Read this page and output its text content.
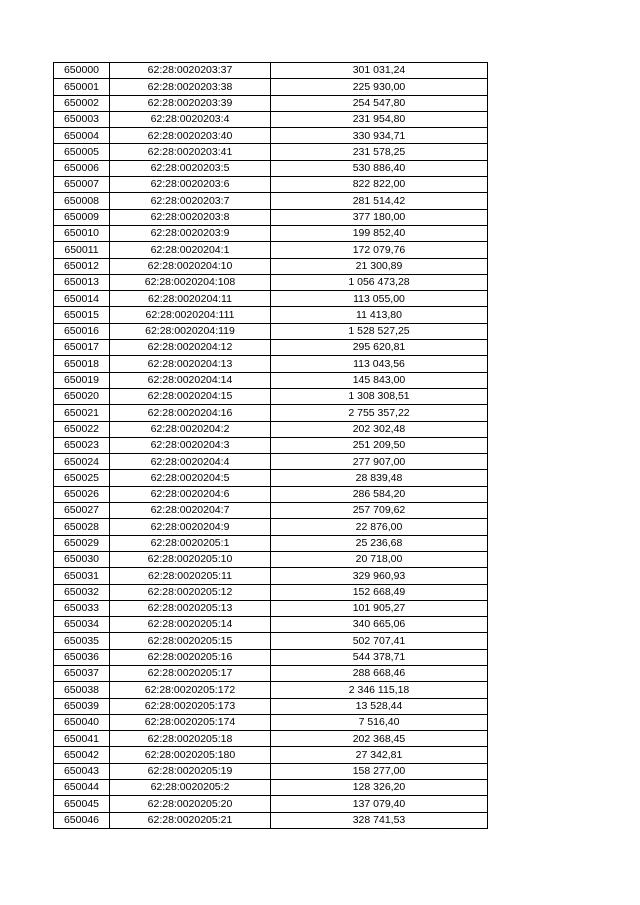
650000	62:28:0020203:37	301 031,24
650001	62:28:0020203:38	225 930,00
650002	62:28:0020203:39	254 547,80
650003	62:28:0020203:4	231 954,80
650004	62:28:0020203:40	330 934,71
650005	62:28:0020203:41	231 578,25
650006	62:28:0020203:5	530 886,40
650007	62:28:0020203:6	822 822,00
650008	62:28:0020203:7	281 514,42
650009	62:28:0020203:8	377 180,00
650010	62:28:0020203:9	199 852,40
650011	62:28:0020204:1	172 079,76
650012	62:28:0020204:10	21 300,89
650013	62:28:0020204:108	1 056 473,28
650014	62:28:0020204:11	113 055,00
650015	62:28:0020204:111	11 413,80
650016	62:28:0020204:119	1 528 527,25
650017	62:28:0020204:12	295 620,81
650018	62:28:0020204:13	113 043,56
650019	62:28:0020204:14	145 843,00
650020	62:28:0020204:15	1 308 308,51
650021	62:28:0020204:16	2 755 357,22
650022	62:28:0020204:2	202 302,48
650023	62:28:0020204:3	251 209,50
650024	62:28:0020204:4	277 907,00
650025	62:28:0020204:5	28 839,48
650026	62:28:0020204:6	286 584,20
650027	62:28:0020204:7	257 709,62
650028	62:28:0020204:9	22 876,00
650029	62:28:0020205:1	25 236,68
650030	62:28:0020205:10	20 718,00
650031	62:28:0020205:11	329 960,93
650032	62:28:0020205:12	152 668,49
650033	62:28:0020205:13	101 905,27
650034	62:28:0020205:14	340 665,06
650035	62:28:0020205:15	502 707,41
650036	62:28:0020205:16	544 378,71
650037	62:28:0020205:17	288 668,46
650038	62:28:0020205:172	2 346 115,18
650039	62:28:0020205:173	13 528,44
650040	62:28:0020205:174	7 516,40
650041	62:28:0020205:18	202 368,45
650042	62:28:0020205:180	27 342,81
650043	62:28:0020205:19	158 277,00
650044	62:28:0020205:2	128 326,20
650045	62:28:0020205:20	137 079,40
650046	62:28:0020205:21	328 741,53
